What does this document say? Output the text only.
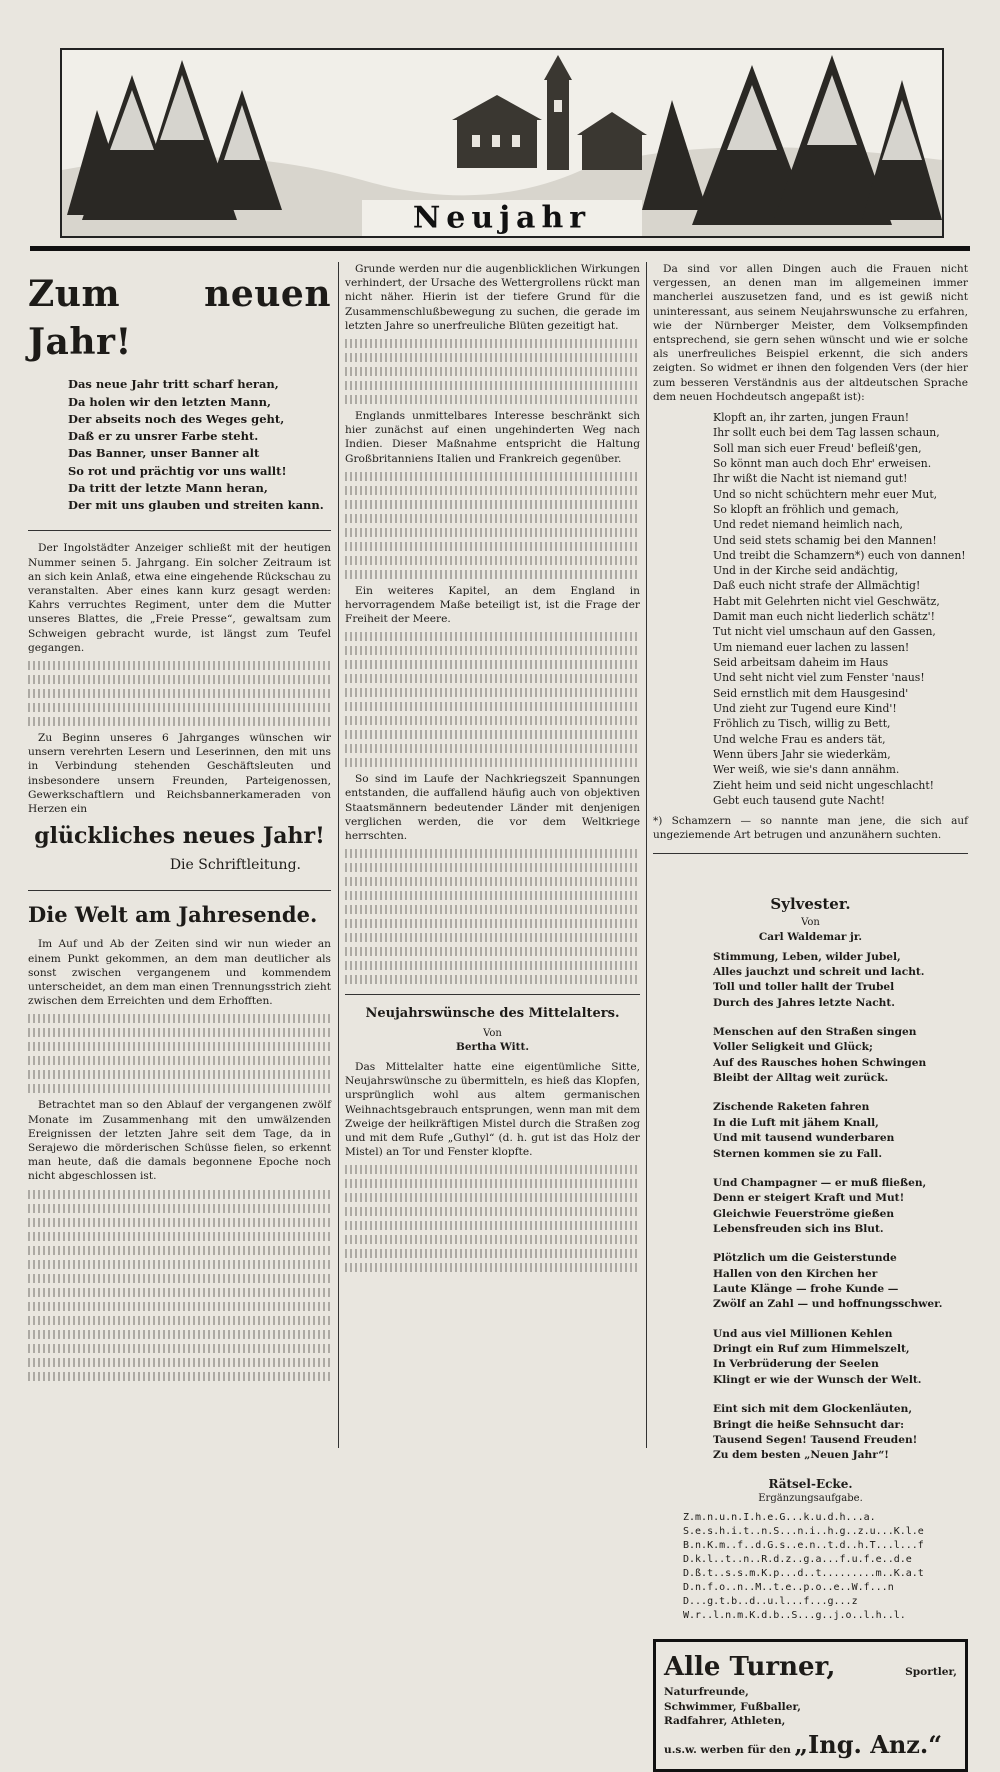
Neujahr
Zum neuen Jahr!
Das neue Jahr tritt scharf heran,
Da holen wir den letzten Mann,
Der abseits noch des Weges geht,
Daß er zu unsrer Farbe steht.
Das Banner, unser Banner alt
So rot und prächtig vor uns wallt!
Da tritt der letzte Mann heran,
Der mit uns glauben und streiten kann.

Der Ingolstädter Anzeiger schließt mit der heutigen Nummer seinen 5. Jahrgang. Ein solcher Zeitraum ist an sich kein Anlaß, etwa eine eingehende Rückschau zu veranstalten. Aber eines kann kurz gesagt werden: Kahrs verruchtes Regiment, unter dem die Mutter unseres Blattes, die „Freie Presse“, gewaltsam zum Schweigen gebracht wurde, ist längst zum Teufel gegangen.

Zu Beginn unseres 6 Jahrganges wünschen wir unsern verehrten Lesern und Leserinnen, den mit uns in Verbindung stehenden Geschäftsleuten und insbesondere unsern Freunden, Parteigenossen, Gewerkschaftlern und Reichsbannerkameraden von Herzen ein

glückliches neues Jahr!
Die Schriftleitung.
Die Welt am Jahresende.

Im Auf und Ab der Zeiten sind wir nun wieder an einem Punkt gekommen, an dem man deutlicher als sonst zwischen vergangenem und kommendem unterscheidet, an dem man einen Trennungsstrich zieht zwischen dem Erreichten und dem Erhofften.

Betrachtet man so den Ablauf der vergangenen zwölf Monate im Zusammenhang mit den umwälzenden Ereignissen der letzten Jahre seit dem Tage, da in Serajewo die mörderischen Schüsse fielen, so erkennt man heute, daß die damals begonnene Epoche noch nicht abgeschlossen ist.

Grunde werden nur die augenblicklichen Wirkungen verhindert, der Ursache des Wettergrollens rückt man nicht näher. Hierin ist der tiefere Grund für die Zusammenschlußbewegung zu suchen, die gerade im letzten Jahre so unerfreuliche Blüten gezeitigt hat.

Englands unmittelbares Interesse beschränkt sich hier zunächst auf einen ungehinderten Weg nach Indien. Dieser Maßnahme entspricht die Haltung Großbritanniens Italien und Frankreich gegenüber.

Ein weiteres Kapitel, an dem England in hervorragendem Maße beteiligt ist, ist die Frage der Freiheit der Meere.

So sind im Laufe der Nachkriegszeit Spannungen entstanden, die auffallend häufig auch von objektiven Staatsmännern bedeutender Länder mit denjenigen verglichen werden, die vor dem Weltkriege herrschten.

Neujahrswünsche des Mittelalters.

Von

Bertha Witt.

Das Mittelalter hatte eine eigentümliche Sitte, Neujahrswünsche zu übermitteln, es hieß das Klopfen, ursprünglich wohl aus altem germanischen Weihnachtsgebrauch entsprungen, wenn man mit dem Zweige der heilkräftigen Mistel durch die Straßen zog und mit dem Rufe „Guthyl“ (d. h. gut ist das Holz der Mistel) an Tor und Fenster klopfte.

Da sind vor allen Dingen auch die Frauen nicht vergessen, an denen man im allgemeinen immer mancherlei auszusetzen fand, und es ist gewiß nicht uninteressant, aus seinem Neujahrswunsche zu erfahren, wie der Nürnberger Meister, dem Volksempfinden entsprechend, sie gern sehen wünscht und wie er solche als unerfreuliches Beispiel erkennt, die sich anders zeigten. So widmet er ihnen den folgenden Vers (der hier zum besseren Verständnis aus der altdeutschen Sprache dem neuen Hochdeutsch angepaßt ist):

Klopft an, ihr zarten, jungen Fraun!
Ihr sollt euch bei dem Tag lassen schaun,
Soll man sich euer Freud' befleiß'gen,
So könnt man auch doch Ehr' erweisen.
Ihr wißt die Nacht ist niemand gut!
Und so nicht schüchtern mehr euer Mut,
So klopft an fröhlich und gemach,
Und redet niemand heimlich nach,
Und seid stets schamig bei den Mannen!
Und treibt die Schamzern*) euch von dannen!
Und in der Kirche seid andächtig,
Daß euch nicht strafe der Allmächtig!
Habt mit Gelehrten nicht viel Geschwätz,
Damit man euch nicht liederlich schätz'!
Tut nicht viel umschaun auf den Gassen,
Um niemand euer lachen zu lassen!
Seid arbeitsam daheim im Haus
Und seht nicht viel zum Fenster 'naus!
Seid ernstlich mit dem Hausgesind'
Und zieht zur Tugend eure Kind'!
Fröhlich zu Tisch, willig zu Bett,
Und welche Frau es anders tät,
Wenn übers Jahr sie wiederkäm,
Wer weiß, wie sie's dann annähm.
Zieht heim und seid nicht ungeschlacht!
Gebt euch tausend gute Nacht!

*) Schamzern — so nannte man jene, die sich auf ungeziemende Art betrugen und anzunähern suchten.

Sylvester.

Von

Carl Waldemar jr.

Stimmung, Leben, wilder Jubel,
Alles jauchzt und schreit und lacht.
Toll und toller hallt der Trubel
Durch des Jahres letzte Nacht.
Menschen auf den Straßen singen
Voller Seligkeit und Glück;
Auf des Rausches hohen Schwingen
Bleibt der Alltag weit zurück.
Zischende Raketen fahren
In die Luft mit jähem Knall,
Und mit tausend wunderbaren
Sternen kommen sie zu Fall.
Und Champagner — er muß fließen,
Denn er steigert Kraft und Mut!
Gleichwie Feuerströme gießen
Lebensfreuden sich ins Blut.
Plötzlich um die Geisterstunde
Hallen von den Kirchen her
Laute Klänge — frohe Kunde —
Zwölf an Zahl — und hoffnungsschwer.
Und aus viel Millionen Kehlen
Dringt ein Ruf zum Himmelszelt,
In Verbrüderung der Seelen
Klingt er wie der Wunsch der Welt.
Eint sich mit dem Glockenläuten,
Bringt die heiße Sehnsucht dar:
Tausend Segen! Tausend Freuden!
Zu dem besten „Neuen Jahr“!
Rätsel-Ecke.
Ergänzungsaufgabe.
Z.m.n.u.n.I.h.e.G...k.u.d.h...a.
S.e.s.h.i.t..n.S...n.i..h.g..z.u...K.l.e
B.n.K.m..f..d.G.s..e.n..t.d..h.T...l...f
D.k.l..t..n..R.d.z..g.a...f.u.f.e..d.e
D.ß.t..s.s.m.K.p...d..t.........m..K.a.t
D.n.f.o..n..M..t.e..p.o..e..W.f...n
D...g.t.b..d..u.l...f...g...z
W.r..l.n.m.K.d.b..S...g..j.o..l.h..l.
Alle Turner,	Sportler, Naturfreunde,
Schwimmer, Fußballer,
Radfahrer, Athleten,
u.s.w. werben für den „Ing. Anz.“
